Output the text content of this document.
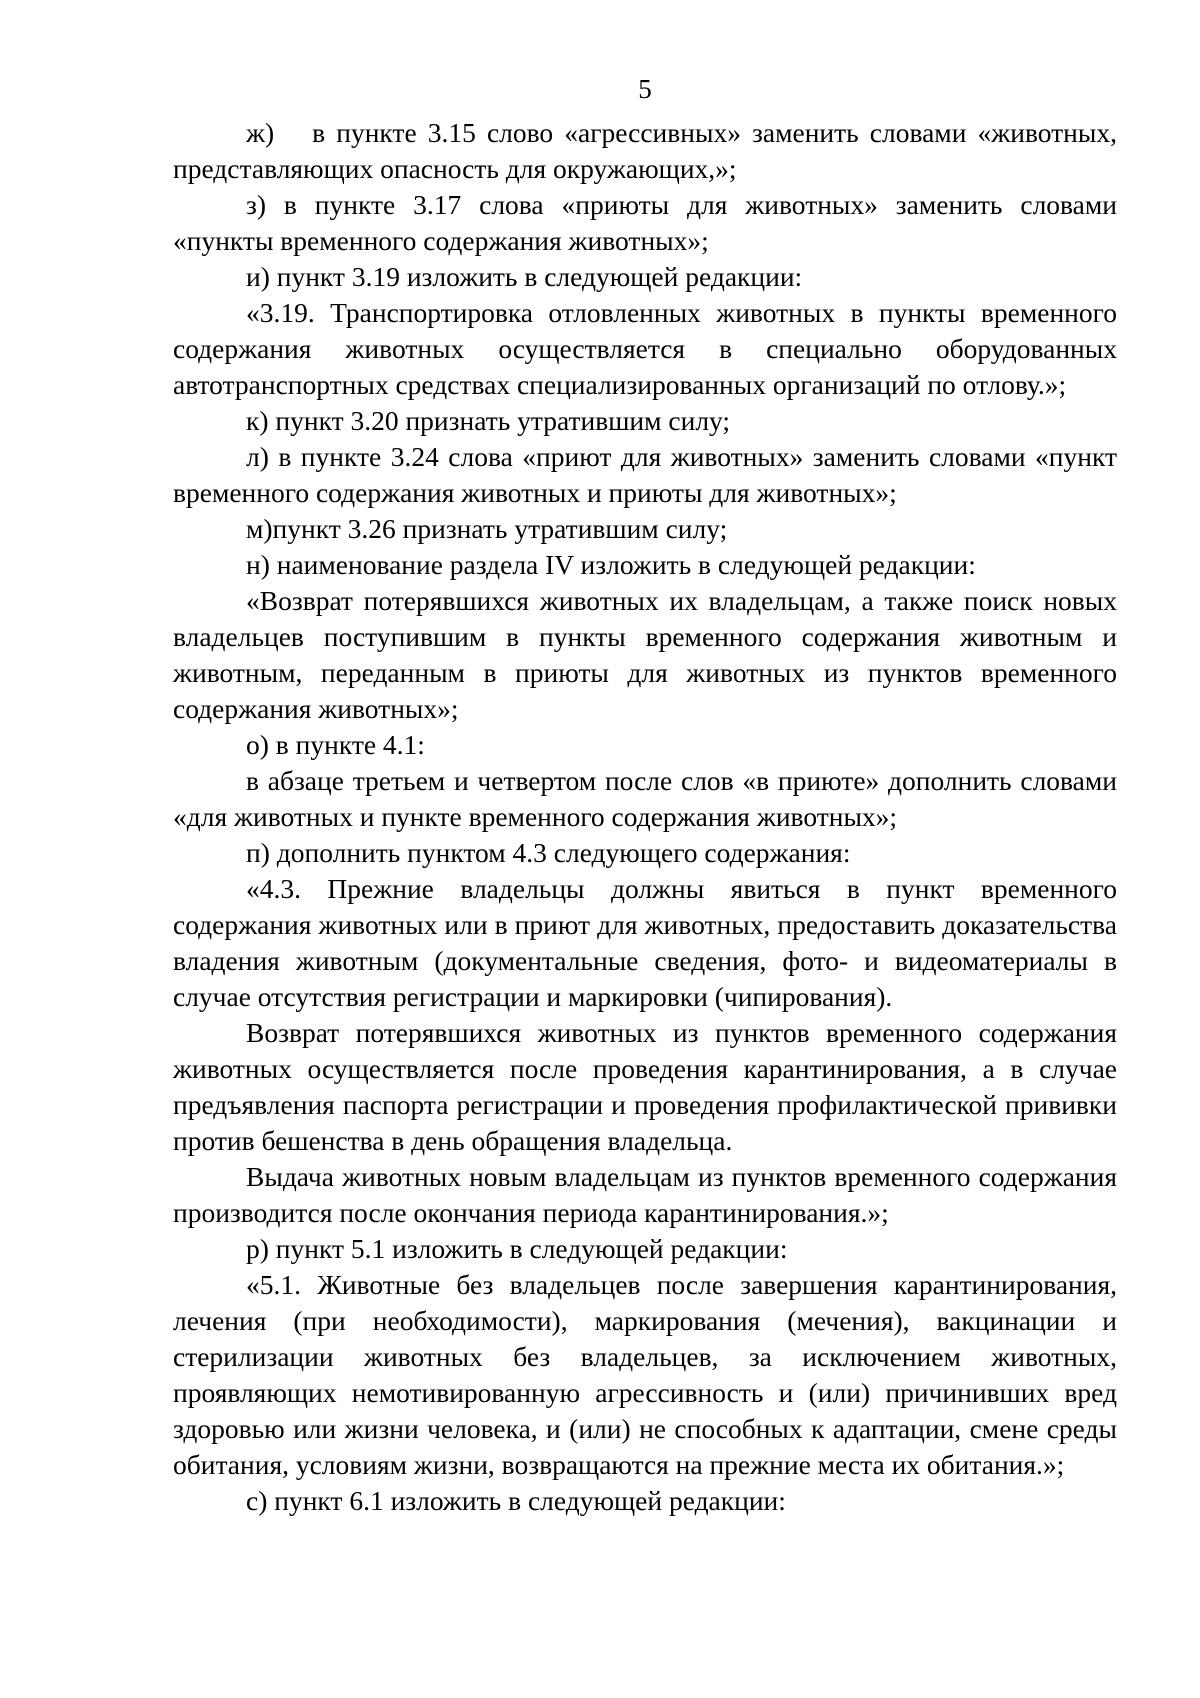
5

ж) в пункте 3.15 слово «агрессивных» заменить словами «животных, представляющих опасность для окружающих,»;

з) в пункте 3.17 слова «приюты для животных» заменить словами «пункты временного содержания животных»;

и) пункт 3.19 изложить в следующей редакции:

«3.19. Транспортировка отловленных животных в пункты временного содержания животных осуществляется в специально оборудованных автотранспортных средствах специализированных организаций по отлову.»;

к) пункт 3.20 признать утратившим силу;

л) в пункте 3.24 слова «приют для животных» заменить словами «пункт временного содержания животных и приюты для животных»;

м)пункт 3.26 признать утратившим силу;

н) наименование раздела IV изложить в следующей редакции:

«Возврат потерявшихся животных их владельцам, а также поиск новых владельцев поступившим в пункты временного содержания животным и животным, переданным в приюты для животных из пунктов временного содержания животных»;

о) в пункте 4.1:

в абзаце третьем и четвертом после слов «в приюте» дополнить словами «для животных и пункте временного содержания животных»;

п) дополнить пунктом 4.3 следующего содержания:

«4.3. Прежние владельцы должны явиться в пункт временного содержания животных или в приют для животных, предоставить доказательства владения животным (документальные сведения, фото- и видеоматериалы в случае отсутствия регистрации и маркировки (чипирования).

Возврат потерявшихся животных из пунктов временного содержания животных осуществляется после проведения карантинирования, а в случае предъявления паспорта регистрации и проведения профилактической прививки против бешенства в день обращения владельца.

Выдача животных новым владельцам из пунктов временного содержания производится после окончания периода карантинирования.»;

р) пункт 5.1 изложить в следующей редакции:

«5.1. Животные без владельцев после завершения карантинирования, лечения (при необходимости), маркирования (мечения), вакцинации и стерилизации животных без владельцев, за исключением животных, проявляющих немотивированную агрессивность и (или) причинивших вред здоровью или жизни человека, и (или) не способных к адаптации, смене среды обитания, условиям жизни, возвращаются на прежние места их обитания.»;

с) пункт 6.1 изложить в следующей редакции:
